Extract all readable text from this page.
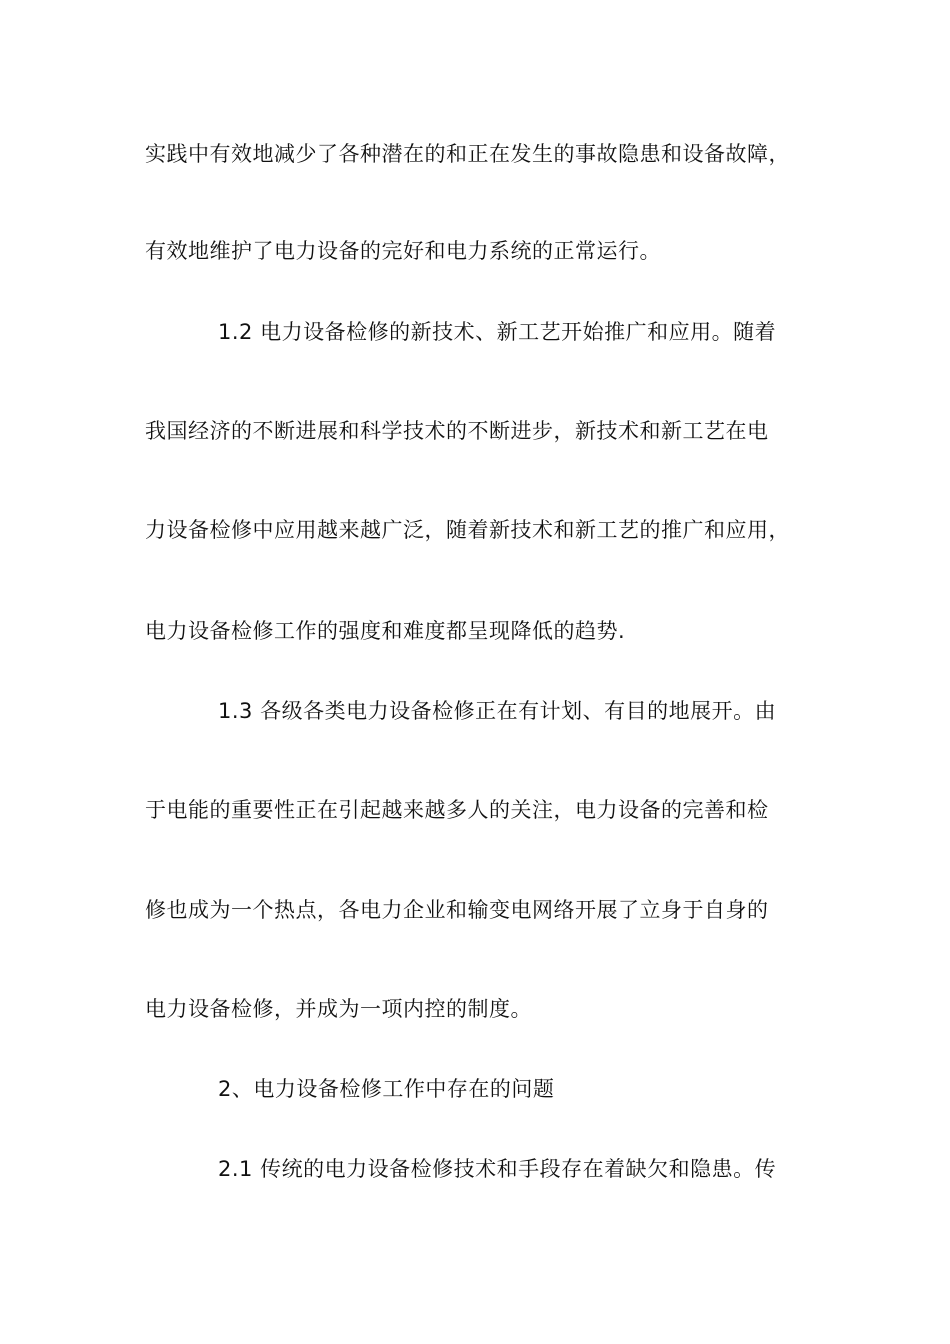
实践中有效地减少了各种潜在的和正在发生的事故隐患和设备故障，
有效地维护了电力设备的完好和电力系统的正常运行。
1.2 电力设备检修的新技术、新工艺开始推广和应用。随着
我国经济的不断进展和科学技术的不断进步，新技术和新工艺在电
力设备检修中应用越来越广泛，随着新技术和新工艺的推广和应用，
电力设备检修工作的强度和难度都呈现降低的趋势.
1.3 各级各类电力设备检修正在有计划、有目的地展开。由
于电能的重要性正在引起越来越多人的关注，电力设备的完善和检
修也成为一个热点，各电力企业和输变电网络开展了立身于自身的
电力设备检修，并成为一项内控的制度。
2、电力设备检修工作中存在的问题
2.1 传统的电力设备检修技术和手段存在着缺欠和隐患。传
